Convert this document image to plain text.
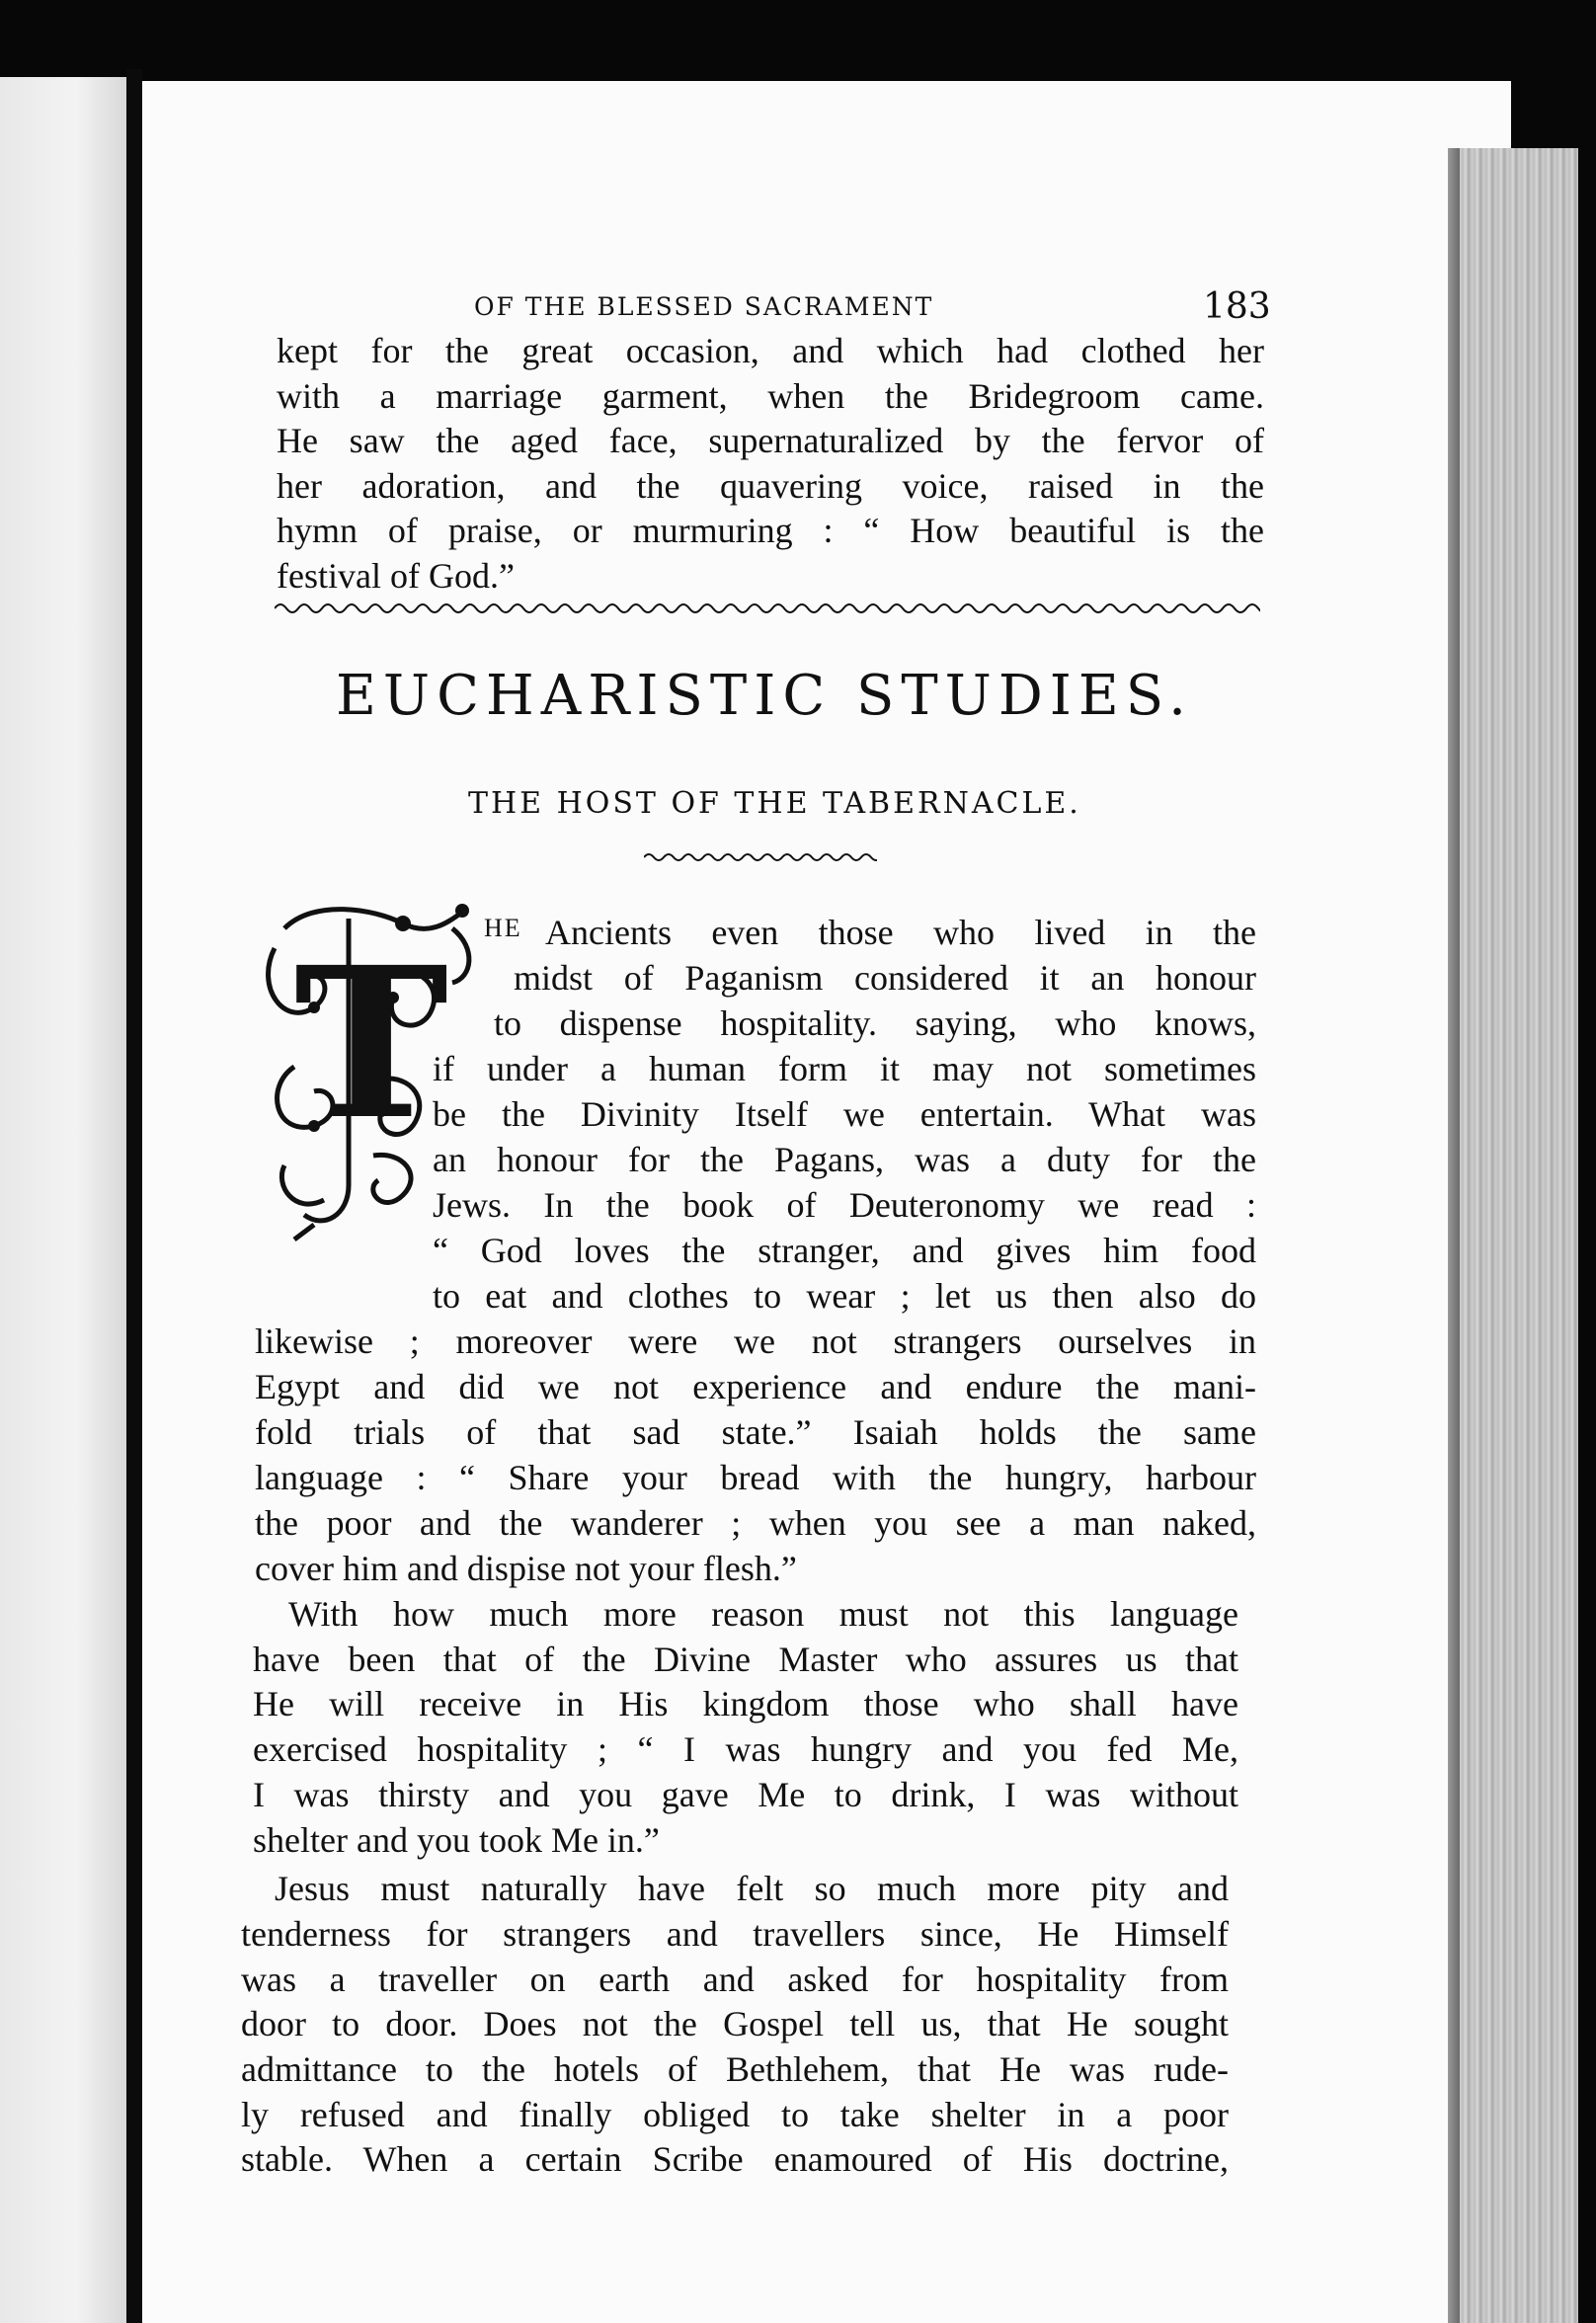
OF THE BLESSED SACRAMENT	183
kept for the great occasion, and which had clothed her
with a marriage garment, when the Bridegroom came.
He saw the aged face, supernaturalized by the fervor of
her adoration, and the quavering voice, raised in the
hymn of praise, or murmuring : “ How beautiful is the
festival of God.”
EUCHARISTIC STUDIES.
THE HOST OF THE TABERNACLE.
T	Ancients even those who lived in the
midst of Paganism considered it an honour
to dispense hospitality. saying, who knows,
if under a human form it may not sometimes
be the Divinity Itself we entertain. What was
an honour for the Pagans, was a duty for the
Jews. In the book of Deuteronomy we read :
“ God loves the stranger, and gives him food
to eat and clothes to wear ; let us then also do
likewise ; moreover were we not strangers ourselves in
Egypt and did we not experience and endure the mani-
fold trials of that sad state.” Isaiah holds the same
language : “ Share your bread with the hungry, harbour
the poor and the wanderer ; when you see a man naked,
cover him and dispise not your flesh.”
With how much more reason must not this language
have been that of the Divine Master who assures us that
He will receive in His kingdom those who shall have
exercised hospitality ; “ I was hungry and you fed Me,
I was thirsty and you gave Me to drink, I was without
shelter and you took Me in.”
Jesus must naturally have felt so much more pity and
tenderness for strangers and travellers since, He Himself
was a traveller on earth and asked for hospitality from
door to door. Does not the Gospel tell us, that He sought
admittance to the hotels of Bethlehem, that He was rude-
ly refused and finally obliged to take shelter in a poor
stable. When a certain Scribe enamoured of His doctrine,
HE
